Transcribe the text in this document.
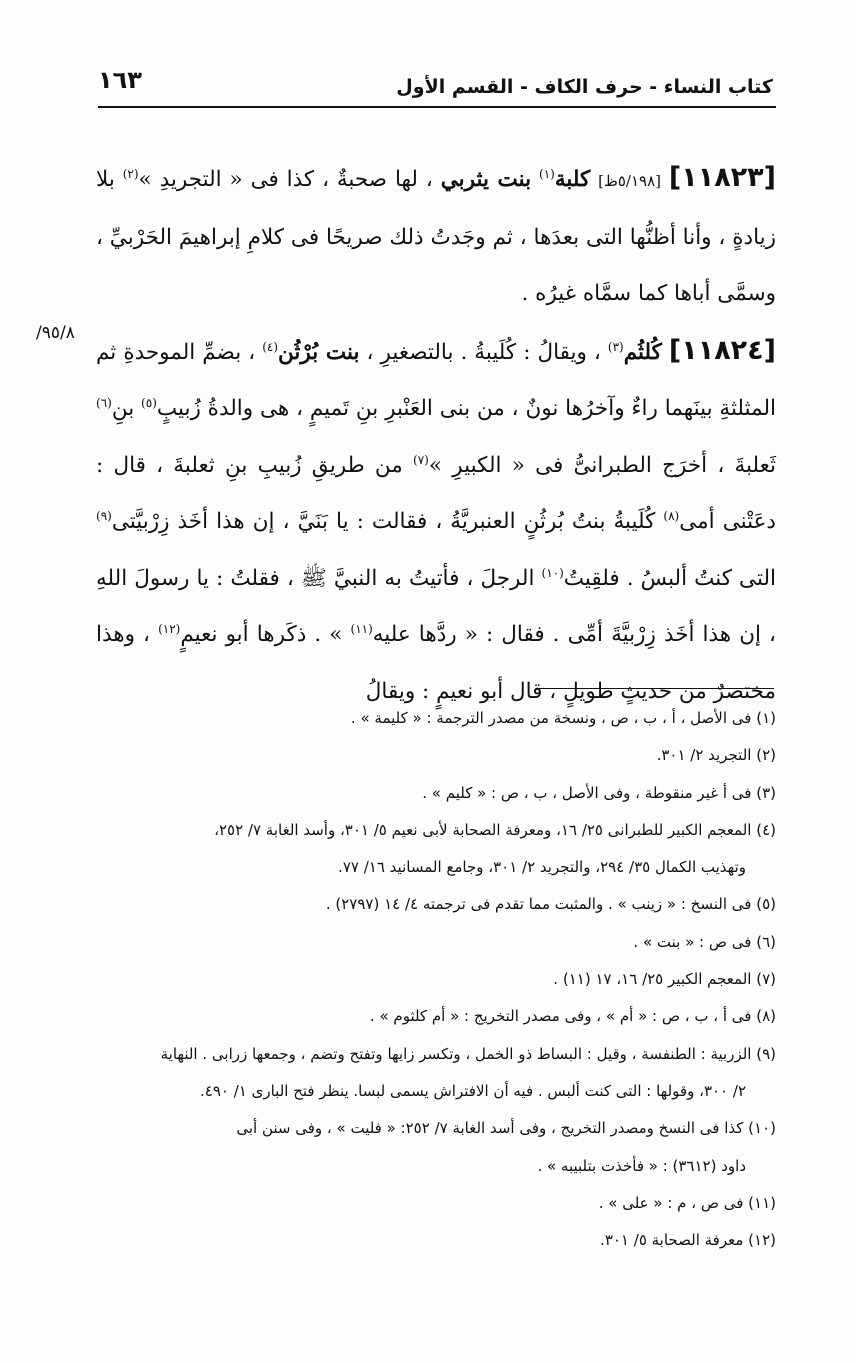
كتاب النساء - حرف الكاف - القسم الأول
١٦٣
/٩٥/٨

[١١٨٢٣] [٥/١٩٨ظ] كلبة$^{(١)}$ بنت يثربي ، لها صحبةٌ ، كذا فى « التجريدِ »$^{(٢)}$ بلا زيادةٍ ، وأنا أظنُّها التى بعدَها ، ثم وجَدتُ ذلك صريحًا فى كلامِ إبراهيمَ الحَرْبيِّ ، وسمَّى أباها كما سمَّاه غيرُه .

[١١٨٢٤] كُلثُم$^{(٣)}$ ، ويقالُ : كُلَيبةُ . بالتصغيرِ ، بنت بُرْثُن$^{(٤)}$ ، بضمِّ الموحدةِ ثم المثلثةِ بينَهما راءٌ وآخرُها نونٌ ، من بنى العَنْبرِ بنِ تَميمٍ ، هى والدةُ زُبيبٍ$^{(٥)}$ بنِ$^{(٦)}$ ثَعلبةَ ، أخرَج الطبرانىُّ فى « الكبيرِ »$^{(٧)}$ من طريقِ زُبيبِ بنِ ثعلبةَ ، قال : دعَتْنى أمى$^{(٨)}$ كُلَيبةُ بنتُ بُرثُنٍ العنبريَّةُ ، فقالت : يا بَنَيَّ ، إن هذا أخَذ زِرْبيَّتى$^{(٩)}$ التى كنتُ ألبسُ . فلقِيتُ$^{(١٠)}$ الرجلَ ، فأتيتُ به النبيَّ ﷺ ، فقلتُ : يا رسولَ اللهِ ، إن هذا أخَذ زِرْبيَّةَ أمِّى . فقال : « ردَّها عليه$^{(١١)}$ » . ذكَرها أبو نعيمٍ$^{(١٢)}$ ، وهذا مختصرٌ من حديثٍ طويلٍ ، قال أبو نعيمٍ : ويقالُ

(١) فى الأصل ، أ ، ب ، ص ، ونسخة من مصدر الترجمة : « كليمة » .

(٢) التجريد ٢/ ٣٠١.

(٣) فى أ غير منقوطة ، وفى الأصل ، ب ، ص : « كليم » .

(٤) المعجم الكبير للطبرانى ٢٥/ ١٦، ومعرفة الصحابة لأبى نعيم ٥/ ٣٠١، وأسد الغابة ٧/ ٢٥٢،

وتهذيب الكمال ٣٥/ ٢٩٤، والتجريد ٢/ ٣٠١، وجامع المسانيد ١٦/ ٧٧.

(٥) فى النسخ : « زينب » . والمثبت مما تقدم فى ترجمته ٤/ ١٤ (٢٧٩٧) .

(٦) فى ص : « بنت » .

(٧) المعجم الكبير ٢٥/ ١٦، ١٧ (١١) .

(٨) فى أ ، ب ، ص : « أم » ، وفى مصدر التخريج : « أم كلثوم » .

(٩) الزربية : الطنفسة ، وقيل : البساط ذو الخمل ، وتكسر زايها وتفتح وتضم ، وجمعها زرابى . النهاية

٢/ ٣٠٠، وقولها : التى كنت ألبس . فيه أن الافتراش يسمى لبسا. ينظر فتح البارى ١/ ٤٩٠.

(١٠) كذا فى النسخ ومصدر التخريج ، وفى أسد الغابة ٧/ ٢٥٢: « فليت » ، وفى سنن أبى

داود (٣٦١٢) : « فأخذت بتلبيبه » .

(١١) فى ص ، م : « على » .

(١٢) معرفة الصحابة ٥/ ٣٠١.
